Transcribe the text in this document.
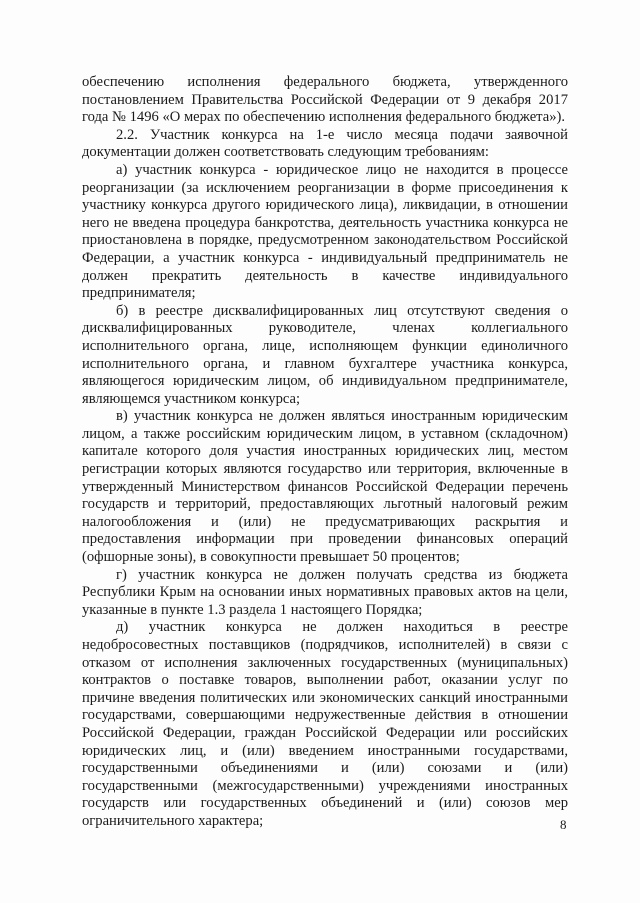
обеспечению исполнения федерального бюджета, утвержденного постановлением Правительства Российской Федерации от 9 декабря 2017 года № 1496 «О мерах по обеспечению исполнения федерального бюджета»).

2.2. Участник конкурса на 1-е число месяца подачи заявочной документации должен соответствовать следующим требованиям:

а) участник конкурса - юридическое лицо не находится в процессе реорганизации (за исключением реорганизации в форме присоединения к участнику конкурса другого юридического лица), ликвидации, в отношении него не введена процедура банкротства, деятельность участника конкурса не приостановлена в порядке, предусмотренном законодательством Российской Федерации, а участник конкурса - индивидуальный предприниматель не должен прекратить деятельность в качестве индивидуального предпринимателя;

б) в реестре дисквалифицированных лиц отсутствуют сведения о дисквалифицированных руководителе, членах коллегиального исполнительного органа, лице, исполняющем функции единоличного исполнительного органа, и главном бухгалтере участника конкурса, являющегося юридическим лицом, об индивидуальном предпринимателе, являющемся участником конкурса;

в) участник конкурса не должен являться иностранным юридическим лицом, а также российским юридическим лицом, в уставном (складочном) капитале которого доля участия иностранных юридических лиц, местом регистрации которых являются государство или территория, включенные в утвержденный Министерством финансов Российской Федерации перечень государств и территорий, предоставляющих льготный налоговый режим налогообложения и (или) не предусматривающих раскрытия и предоставления информации при проведении финансовых операций (офшорные зоны), в совокупности превышает 50 процентов;

г) участник конкурса не должен получать средства из бюджета Республики Крым на основании иных нормативных правовых актов на цели, указанные в пункте 1.3 раздела 1 настоящего Порядка;

д) участник конкурса не должен находиться в реестре недобросовестных поставщиков (подрядчиков, исполнителей) в связи с отказом от исполнения заключенных государственных (муниципальных) контрактов о поставке товаров, выполнении работ, оказании услуг по причине введения политических или экономических санкций иностранными государствами, совершающими недружественные действия в отношении Российской Федерации, граждан Российской Федерации или российских юридических лиц, и (или) введением иностранными государствами, государственными объединениями и (или) союзами и (или) государственными (межгосударственными) учреждениями иностранных государств или государственных объединений и (или) союзов мер ограничительного характера;	8
